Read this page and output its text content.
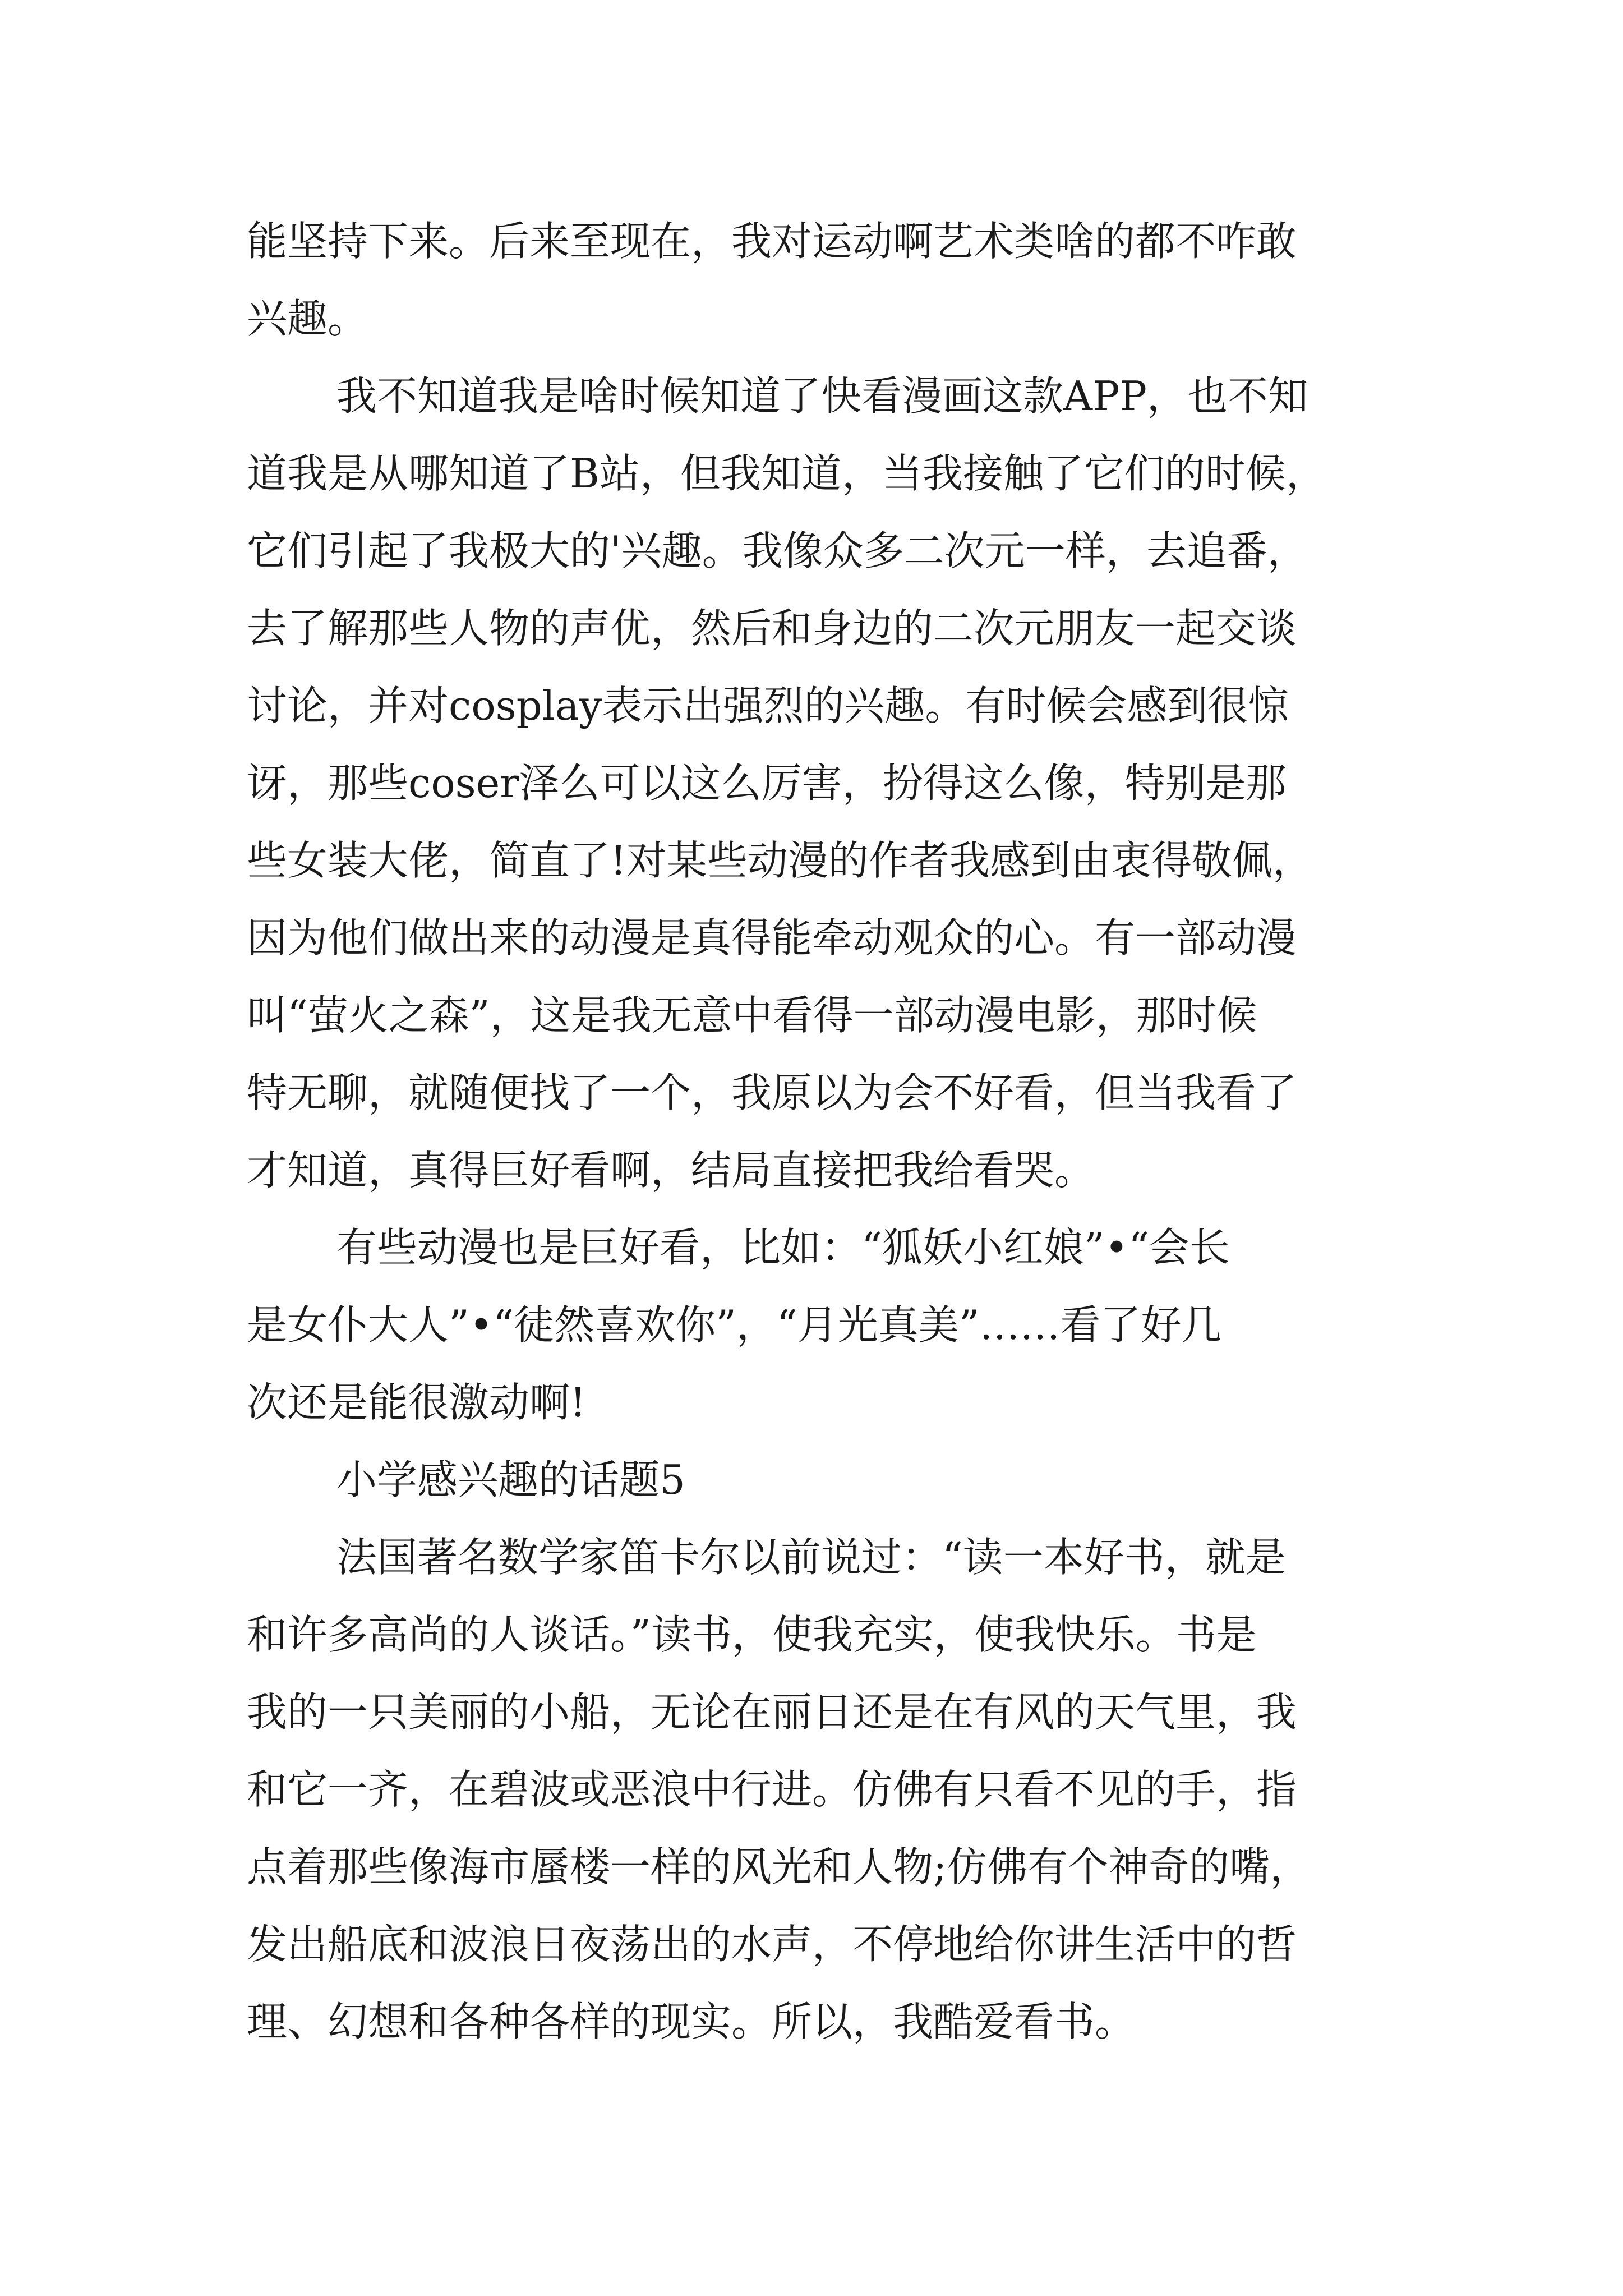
能坚持下来。后来至现在，我对运动啊艺术类啥的都不咋敢
兴趣。
我不知道我是啥时候知道了快看漫画这款APP，也不知
道我是从哪知道了B站，但我知道，当我接触了它们的时候，
它们引起了我极大的'兴趣。我像众多二次元一样，去追番，
去了解那些人物的声优，然后和身边的二次元朋友一起交谈
讨论，并对cosplay表示出强烈的兴趣。有时候会感到很惊
讶，那些coser泽么可以这么厉害，扮得这么像，特别是那
些女装大佬，简直了!对某些动漫的作者我感到由衷得敬佩，
因为他们做出来的动漫是真得能牵动观众的心。有一部动漫
叫“萤火之森”，这是我无意中看得一部动漫电影，那时候
特无聊，就随便找了一个，我原以为会不好看，但当我看了
才知道，真得巨好看啊，结局直接把我给看哭。
有些动漫也是巨好看，比如：“狐妖小红娘”•“会长
是女仆大人”•“徒然喜欢你”，“月光真美”……看了好几
次还是能很激动啊!
小学感兴趣的话题5
法国著名数学家笛卡尔以前说过：“读一本好书，就是
和许多高尚的人谈话。”读书，使我充实，使我快乐。书是
我的一只美丽的小船，无论在丽日还是在有风的天气里，我
和它一齐，在碧波或恶浪中行进。仿佛有只看不见的手，指
点着那些像海市蜃楼一样的风光和人物;仿佛有个神奇的嘴，
发出船底和波浪日夜荡出的水声，不停地给你讲生活中的哲
理、幻想和各种各样的现实。所以，我酷爱看书。
